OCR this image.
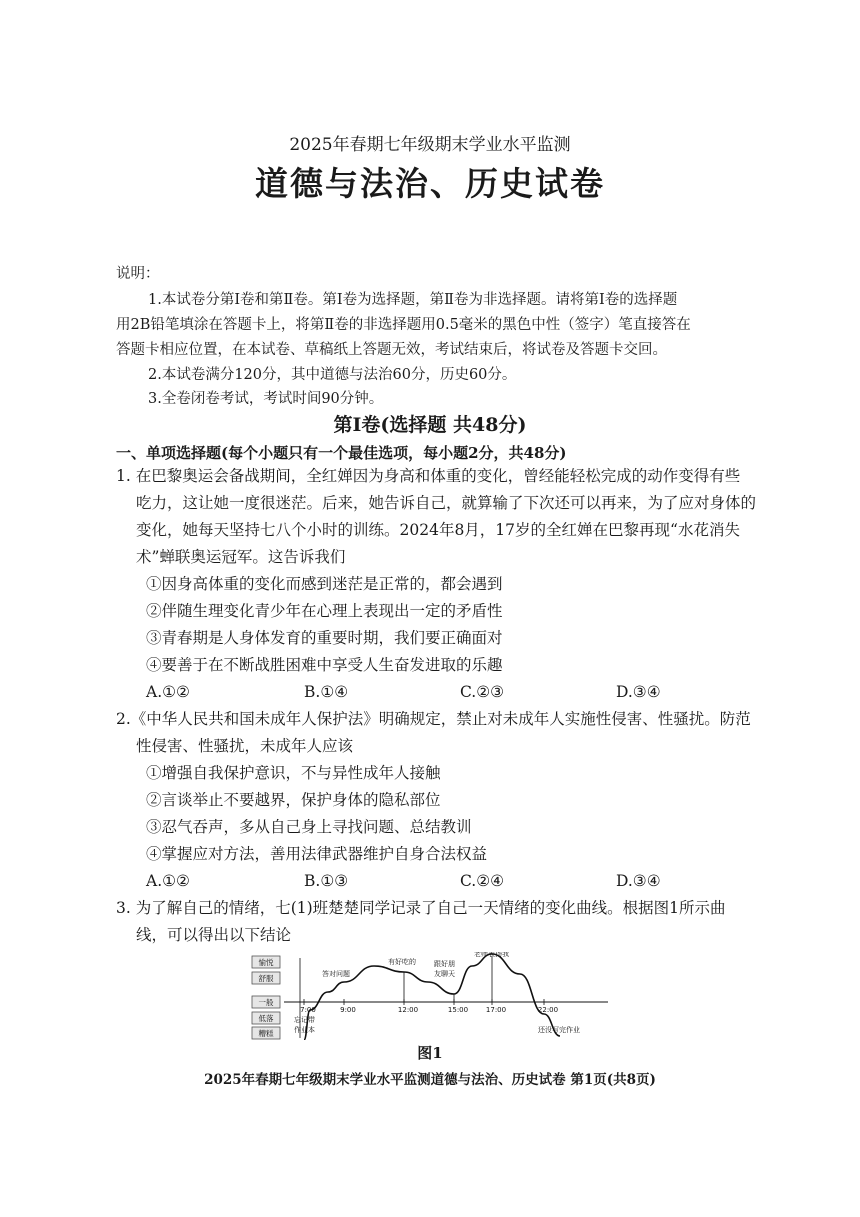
2025年春期七年级期末学业水平监测
道德与法治、历史试卷
说明：
1.本试卷分第Ⅰ卷和第Ⅱ卷。第Ⅰ卷为选择题，第Ⅱ卷为非选择题。请将第Ⅰ卷的选择题
用2B铅笔填涂在答题卡上，将第Ⅱ卷的非选择题用0.5毫米的黑色中性（签字）笔直接答在
答题卡相应位置，在本试卷、草稿纸上答题无效，考试结束后，将试卷及答题卡交回。
2.本试卷满分120分，其中道德与法治60分，历史60分。
3.全卷闭卷考试，考试时间90分钟。
第Ⅰ卷(选择题 共48分)
一、单项选择题(每个小题只有一个最佳选项，每小题2分，共48分)
1. 在巴黎奥运会备战期间，全红婵因为身高和体重的变化，曾经能轻松完成的动作变得有些
吃力，这让她一度很迷茫。后来，她告诉自己，就算输了下次还可以再来，为了应对身体的
变化，她每天坚持七八个小时的训练。2024年8月，17岁的全红婵在巴黎再现“水花消失
术”蝉联奥运冠军。这告诉我们
①因身高体重的变化而感到迷茫是正常的，都会遇到
②伴随生理变化青少年在心理上表现出一定的矛盾性
③青春期是人身体发育的重要时期，我们要正确面对
④要善于在不断战胜困难中享受人生奋发进取的乐趣
A.①②	B.①④	C.②③	D.③④
2.《中华人民共和国未成年人保护法》明确规定，禁止对未成年人实施性侵害、性骚扰。防范
性侵害、性骚扰，未成年人应该
①增强自我保护意识，不与异性成年人接触
②言谈举止不要越界，保护身体的隐私部位
③忍气吞声，多从自己身上寻找问题、总结教训
④掌握应对方法，善用法律武器维护自身合法权益
A.①②	B.①③	C.②④	D.③④
3. 为了解自己的情绪，七(1)班楚楚同学记录了自己一天情绪的变化曲线。根据图1所示曲
线，可以得出以下结论
愉悦
舒服
一般
低落
糟糕
7:00	9:00	12:00	15:00	17:00	22:00
忘记带
作业本
答对问题
有好吃的	跟好朋
友聊天
老师表扬我
还没写完作业
图1
2025年春期七年级期末学业水平监测道德与法治、历史试卷 第1页(共8页)
